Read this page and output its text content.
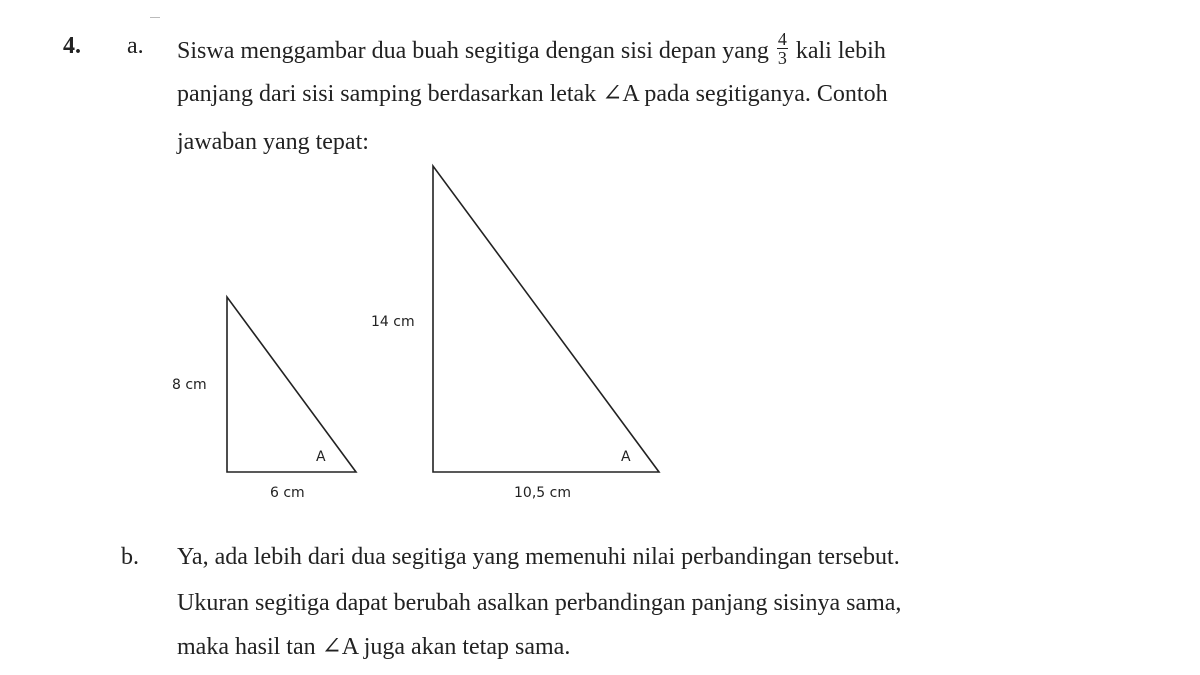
4. a. Siswa menggambar dua buah segitiga dengan sisi depan yang $\frac{4}{3}$ kali lebih
panjang dari sisi samping berdasarkan letak ∠A pada segitiganya. Contoh
jawaban yang tepat:
8 cm
6 cm
A
14 cm
10,5 cm
A
b. Ya, ada lebih dari dua segitiga yang memenuhi nilai perbandingan tersebut.
Ukuran segitiga dapat berubah asalkan perbandingan panjang sisinya sama,
maka hasil tan ∠A juga akan tetap sama.
